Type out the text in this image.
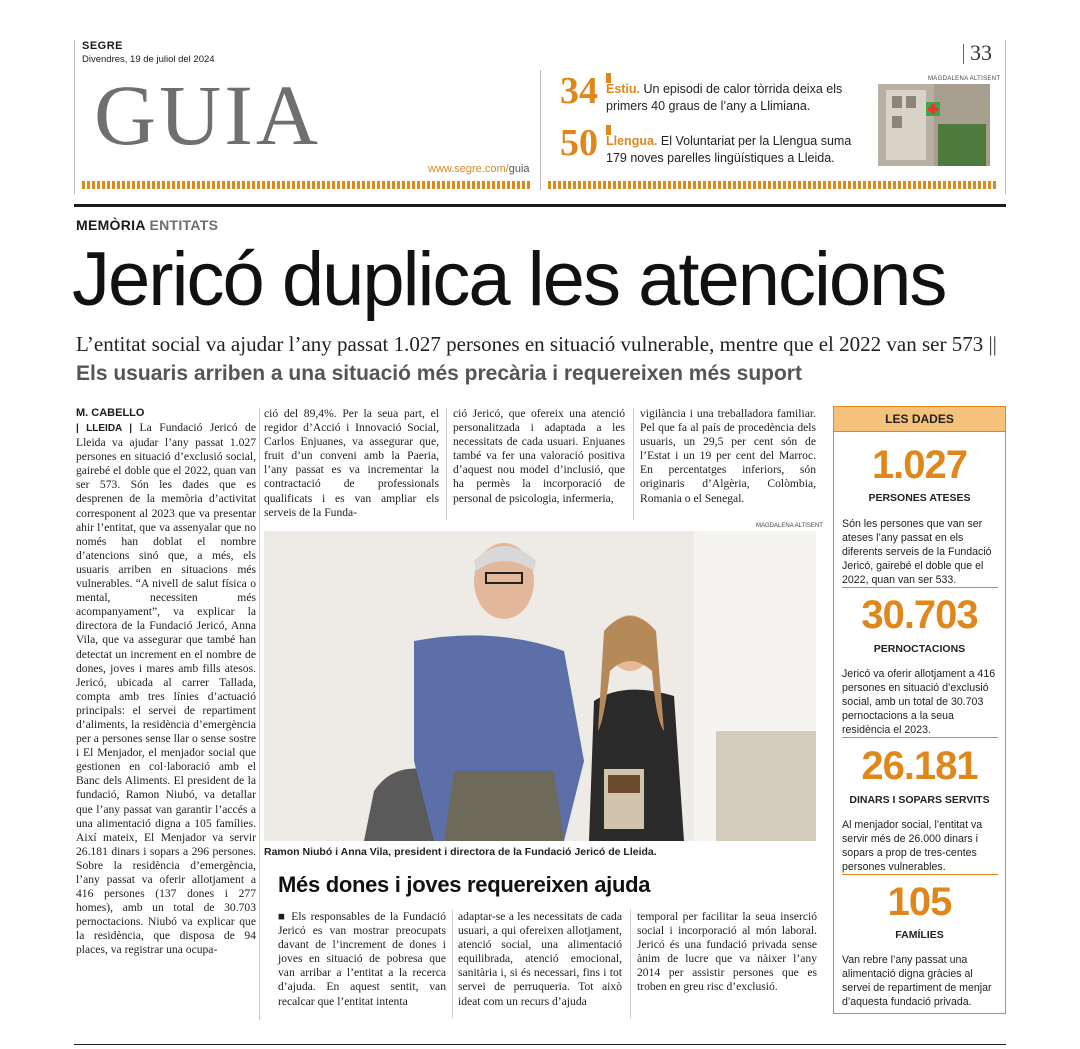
SEGRE
Divendres, 19 de juliol del 2024	33
GUIA
www.segre.com/guia
34 Estiu. Un episodi de calor tòrrida deixa els primers 40 graus de l’any a Llimiana.
50 Llengua. El Voluntariat per la Llengua suma 179 noves parelles lingüístiques a Lleida.
MAGDALENA ALTISENT
MEMÒRIA ENTITATS
Jericó duplica les atencions
L’entitat social va ajudar l’any passat 1.027 persones en situació vulnerable, mentre que el 2022 van ser 573 || Els usuaris arriben a una situació més precària i requereixen més suport
M. CABELLO
| LLEIDA | La Fundació Jericó de Lleida va ajudar l’any passat 1.027 persones en situació d’exclusió social, gairebé el doble que el 2022, quan van ser 573. Són les dades que es desprenen de la memòria d’activitat corresponent al 2023 que va presentar ahir l’entitat, que va assenyalar que no només han doblat el nombre d’atencions sinó que, a més, els usuaris arriben en situacions més vulnerables. “A nivell de salut física o mental, necessiten més acompanyament”, va explicar la directora de la Fundació Jericó, Anna Vila, que va assegurar que també han detectat un increment en el nombre de dones, joves i mares amb fills atesos. Jericó, ubicada al carrer Tallada, compta amb tres línies d’actuació principals: el servei de repartiment d’aliments, la residència d’emergència per a persones sense llar o sense sostre i El Menjador, el menjador social que gestionen en col·laboració amb el Banc dels Aliments. El president de la fundació, Ramon Niubó, va detallar que l’any passat van garantir l’accés a una alimentació digna a 105 famílies. Així mateix, El Menjador va servir 26.181 dinars i sopars a 296 persones. Sobre la residència d’emergència, l’any passat va oferir allotjament a 416 persones (137 dones i 277 homes), amb un total de 30.703 pernoctacions. Niubó va explicar que la residència, que disposa de 94 places, va registrar una ocupa-
ció del 89,4%. Per la seua part, el regidor d’Acció i Innovació Social, Carlos Enjuanes, va assegurar que, fruit d’un conveni amb la Paeria, l’any passat es va incrementar la contractació de professionals qualificats i es van ampliar els serveis de la Funda-
ció Jericó, que ofereix una atenció personalitzada i adaptada a les necessitats de cada usuari. Enjuanes també va fer una valoració positiva d’aquest nou model d’inclusió, que ha permès la incorporació de personal de psicologia, infermeria,
vigilància i una treballadora familiar. Pel que fa al país de procedència dels usuaris, un 29,5 per cent són de l’Estat i un 19 per cent del Marroc. En percentatges inferiors, són originaris d’Algèria, Colòmbia, Romania o el Senegal.
MAGDALENA ALTISENT
Ramon Niubó i Anna Vila, president i directora de la Fundació Jericó de Lleida.
Més dones i joves requereixen ajuda
■ Els responsables de la Fundació Jericó es van mostrar preocupats davant de l’increment de dones i joves en situació de pobresa que van arribar a l’entitat a la recerca d’ajuda. En aquest sentit, van recalcar que l’entitat intenta
adaptar-se a les necessitats de cada usuari, a qui ofereixen allotjament, atenció social, una alimentació equilibrada, atenció emocional, sanitària i, si és necessari, fins i tot servei de perruqueria. Tot això ideat com un recurs d’ajuda
temporal per facilitar la seua inserció social i incorporació al món laboral. Jericó és una fundació privada sense ànim de lucre que va nàixer l’any 2014 per assistir persones que es troben en greu risc d’exclusió.
LES DADES
1.027
PERSONES ATESES
Són les persones que van ser ateses l’any passat en els diferents serveis de la Fundació Jericó, gairebé el doble que el 2022, quan van ser 533.
30.703
PERNOCTACIONS
Jericó va oferir allotjament a 416 persones en situació d’exclusió social, amb un total de 30.703 pernoctacions a la seua residència el 2023.
26.181
DINARS I SOPARS SERVITS
Al menjador social, l’entitat va servir més de 26.000 dinars i sopars a prop de tres-centes persones vulnerables.
105
FAMÍLIES
Van rebre l’any passat una alimentació digna gràcies al servei de repartiment de menjar d’aquesta fundació privada.
